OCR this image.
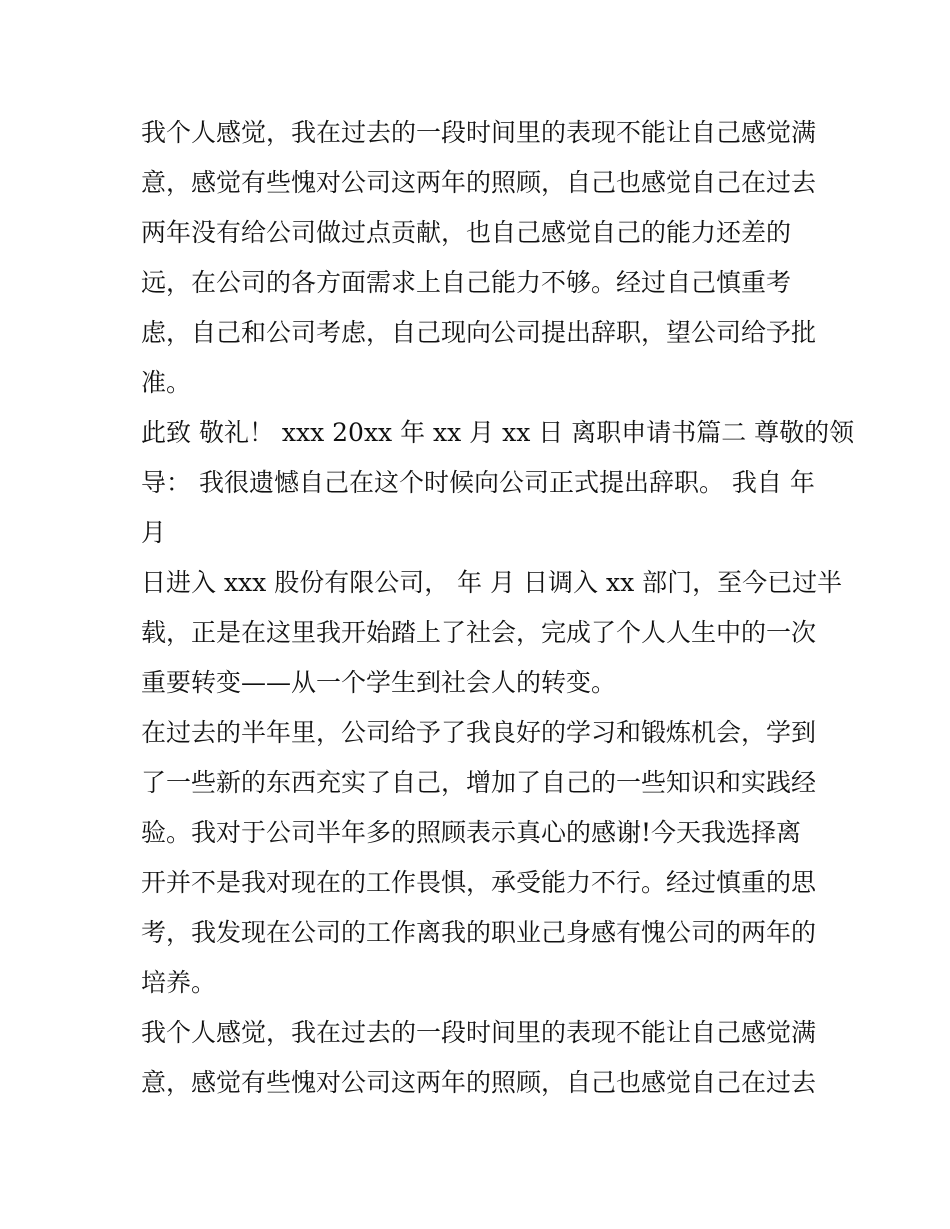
我个人感觉，我在过去的一段时间里的表现不能让自己感觉满
意，感觉有些愧对公司这两年的照顾，自己也感觉自己在过去
两年没有给公司做过点贡献，也自己感觉自己的能力还差的
远，在公司的各方面需求上自己能力不够。经过自己慎重考
虑，自己和公司考虑，自己现向公司提出辞职，望公司给予批
准。
此致 敬礼！ xxx 20xx 年 xx 月 xx 日 离职申请书篇二 尊敬的领
导： 我很遗憾自己在这个时候向公司正式提出辞职。 我自 年
月
日进入 xxx 股份有限公司， 年 月 日调入 xx 部门，至今已过半
载，正是在这里我开始踏上了社会，完成了个人人生中的一次
重要转变——从一个学生到社会人的转变。
在过去的半年里，公司给予了我良好的学习和锻炼机会，学到
了一些新的东西充实了自己，增加了自己的一些知识和实践经
验。我对于公司半年多的照顾表示真心的感谢!今天我选择离
开并不是我对现在的工作畏惧，承受能力不行。经过慎重的思
考，我发现在公司的工作离我的职业己身感有愧公司的两年的
培养。
我个人感觉，我在过去的一段时间里的表现不能让自己感觉满
意，感觉有些愧对公司这两年的照顾，自己也感觉自己在过去
